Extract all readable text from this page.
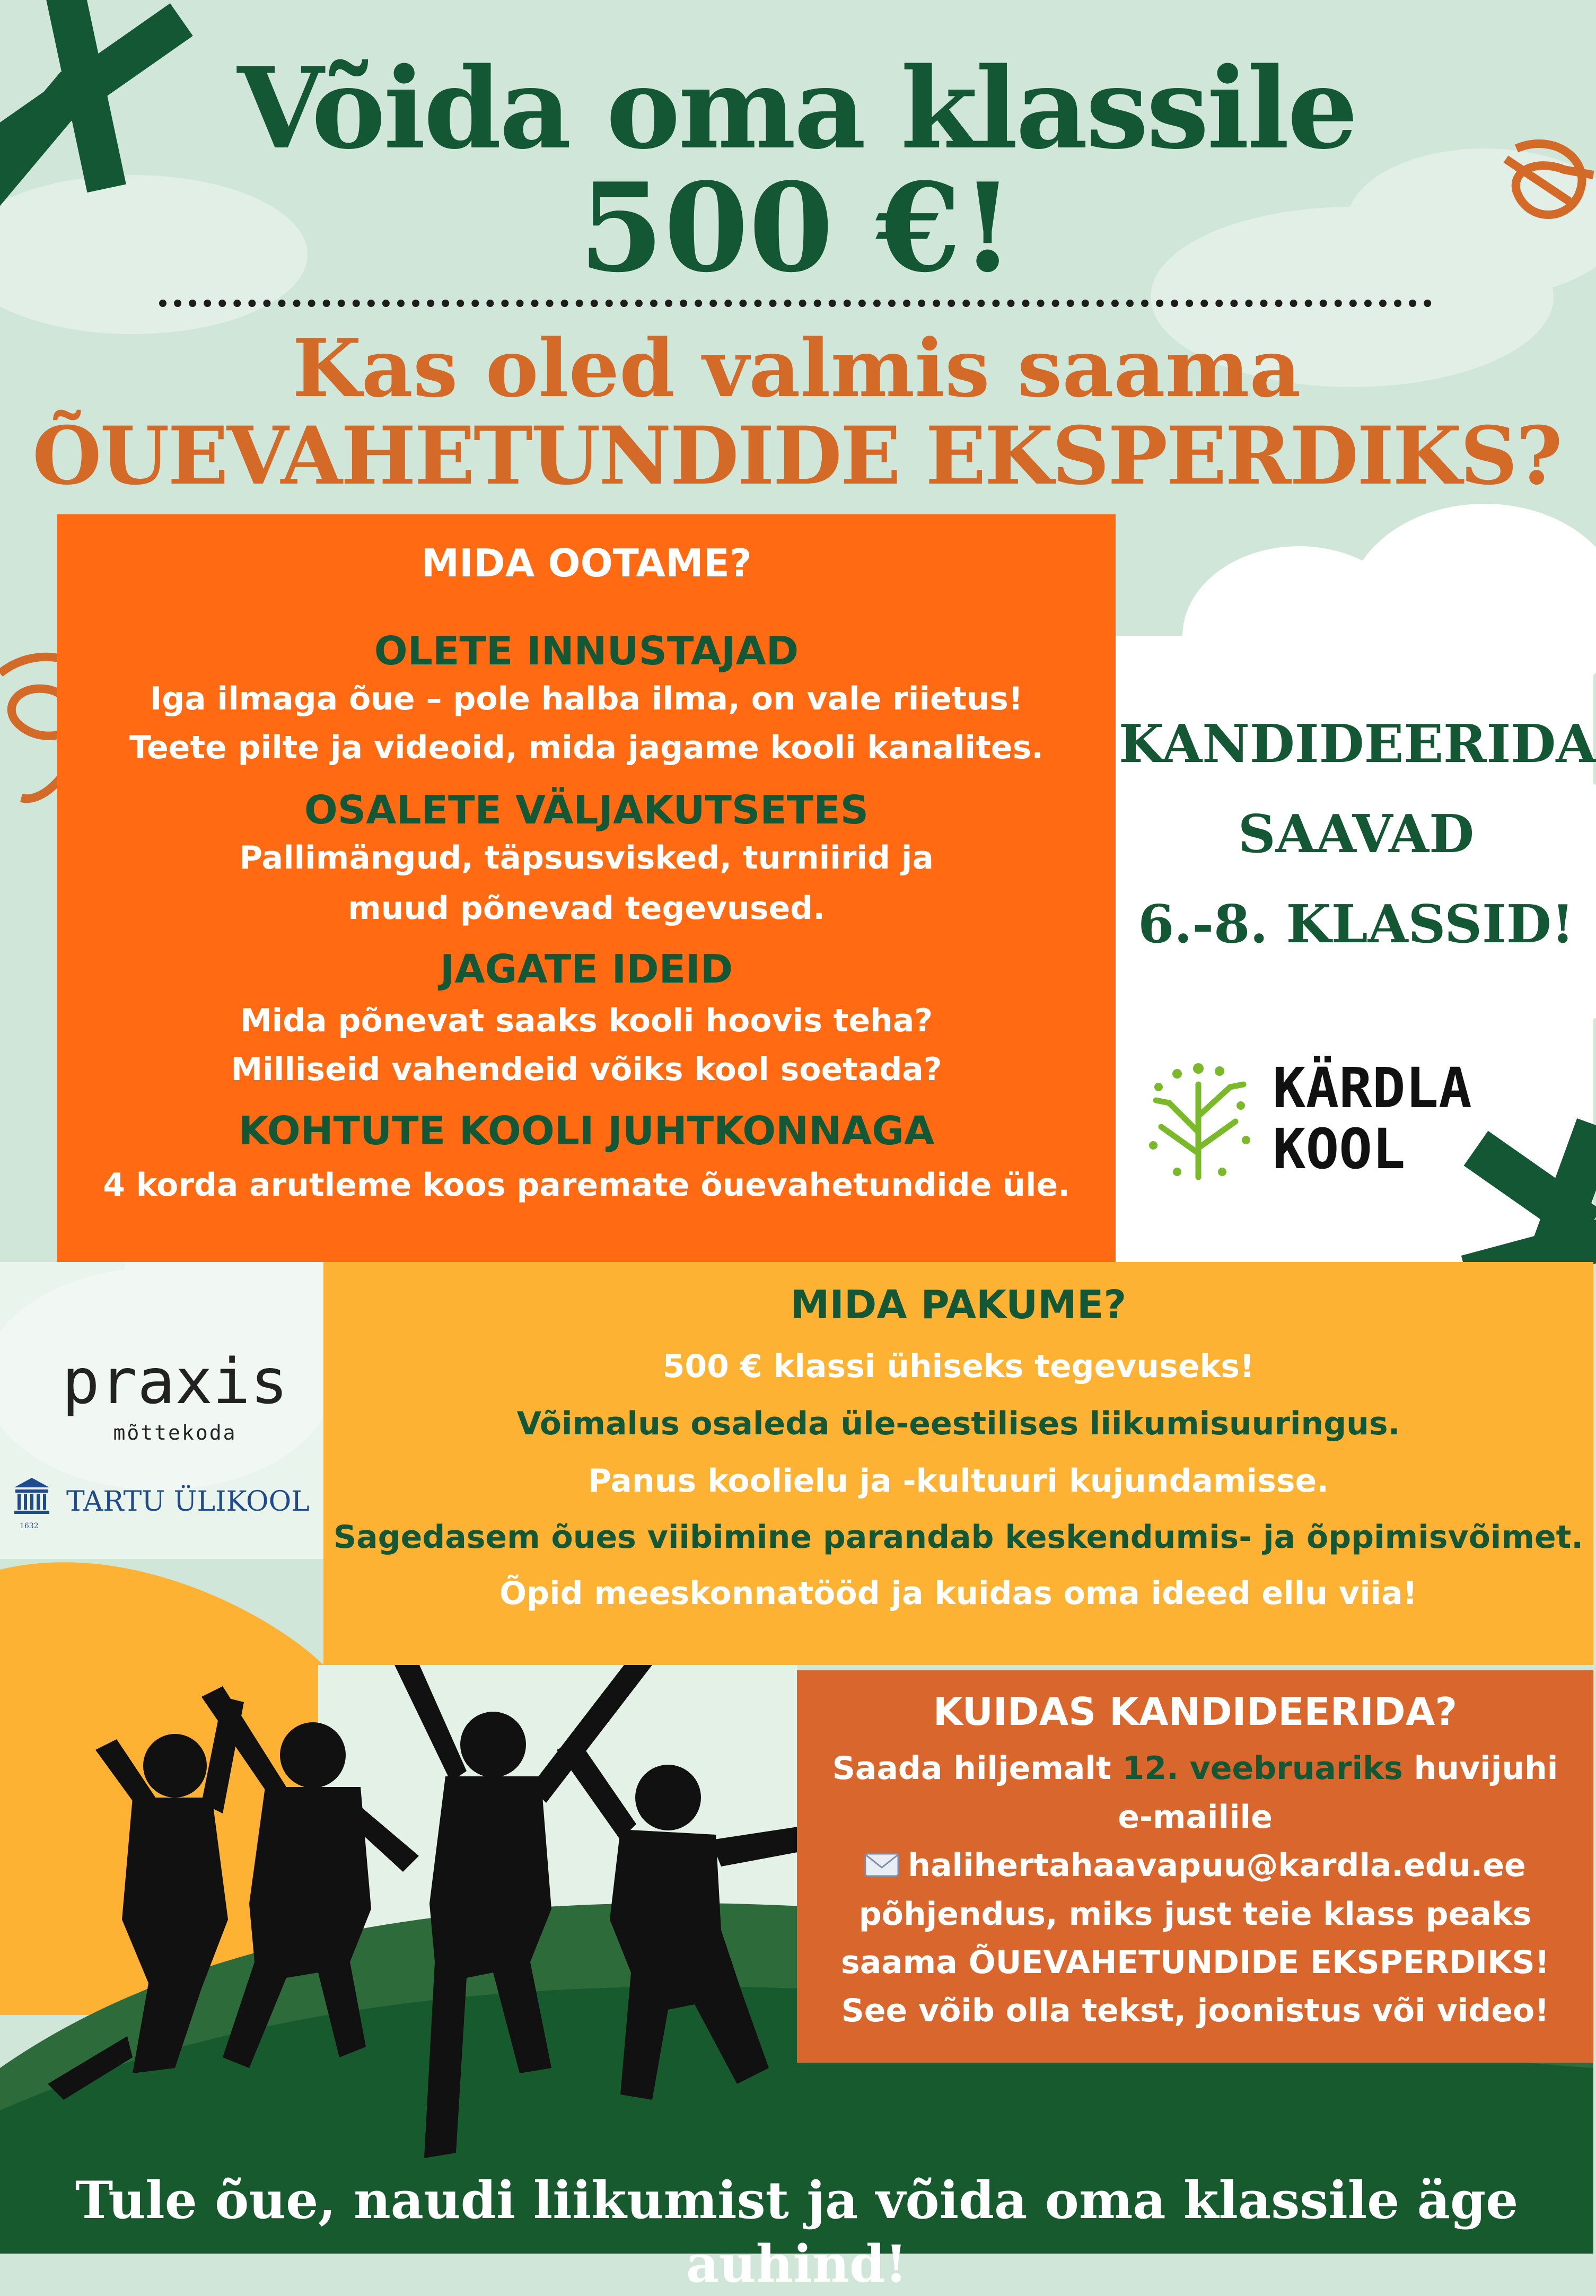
Võida oma klassile
500 €!
Kas oled valmis saama
ÕUEVAHETUNDIDE EKSPERDIKS?
MIDA OOTAME?
OLETE INNUSTAJAD
Iga ilmaga õue – pole halba ilma, on vale riietus!
Teete pilte ja videoid, mida jagame kooli kanalites.
OSALETE VÄLJAKUTSETES
Pallimängud, täpsusvisked, turniirid ja
muud põnevad tegevused.
JAGATE IDEID
Mida põnevat saaks kooli hoovis teha?
Milliseid vahendeid võiks kool soetada?
KOHTUTE KOOLI JUHTKONNAGA
4 korda arutleme koos paremate õuevahetundide üle.
KANDIDEERIDA
SAAVAD
6.-8. KLASSID!
KÄRDLA
KOOL
praxis
mõttekoda
1632
TARTU ÜLIKOOL
MIDA PAKUME?
500 € klassi ühiseks tegevuseks!
Võimalus osaleda üle-eestilises liikumisuuringus.
Panus koolielu ja -kultuuri kujundamisse.
Sagedasem õues viibimine parandab keskendumis- ja õppimisvõimet.
Õpid meeskonnatööd ja kuidas oma ideed ellu viia!
KUIDAS KANDIDEERIDA?
Saada hiljemalt 12. veebruariks huvijuhi
e-mailile
halihertahaavapuu@kardla.edu.ee
põhjendus, miks just teie klass peaks
saama ÕUEVAHETUNDIDE EKSPERDIKS!
See võib olla tekst, joonistus või video!
Tule õue, naudi liikumist ja võida oma klassile äge auhind!
